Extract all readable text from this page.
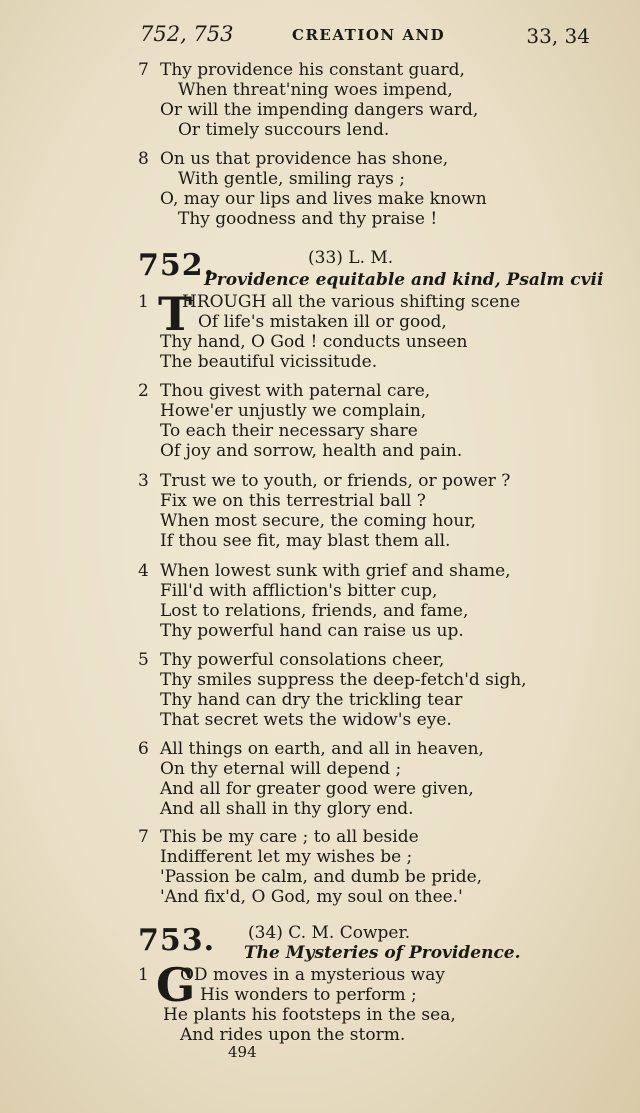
752, 753	CREATION AND	33, 34
7 Thy providence his constant guard,
When threat'ning woes impend,
Or will the impending dangers ward,
Or timely succours lend.
8 On us that providence has shone,
With gentle, smiling rays ;
O, may our lips and lives make known
Thy goodness and thy praise !
752.	(33) L. M.
Providence equitable and kind, Psalm cvii
T
1 HROUGH all the various shifting scene
Of life's mistaken ill or good,
Thy hand, O God ! conducts unseen
The beautiful vicissitude.
2 Thou givest with paternal care,
Howe'er unjustly we complain,
To each their necessary share
Of joy and sorrow, health and pain.
3 Trust we to youth, or friends, or power ?
Fix we on this terrestrial ball ?
When most secure, the coming hour,
If thou see fit, may blast them all.
4 When lowest sunk with grief and shame,
Fill'd with affliction's bitter cup,
Lost to relations, friends, and fame,
Thy powerful hand can raise us up.
5 Thy powerful consolations cheer,
Thy smiles suppress the deep-fetch'd sigh,
Thy hand can dry the trickling tear
That secret wets the widow's eye.
6 All things on earth, and all in heaven,
On thy eternal will depend ;
And all for greater good were given,
And all shall in thy glory end.
7 This be my care ; to all beside
Indifferent let my wishes be ;
'Passion be calm, and dumb be pride,
'And fix'd, O God, my soul on thee.'
753. (34) C. M. Cowper.
The Mysteries of Providence.
G
1 OD moves in a mysterious way
His wonders to perform ;
He plants his footsteps in the sea,
And rides upon the storm.
494
